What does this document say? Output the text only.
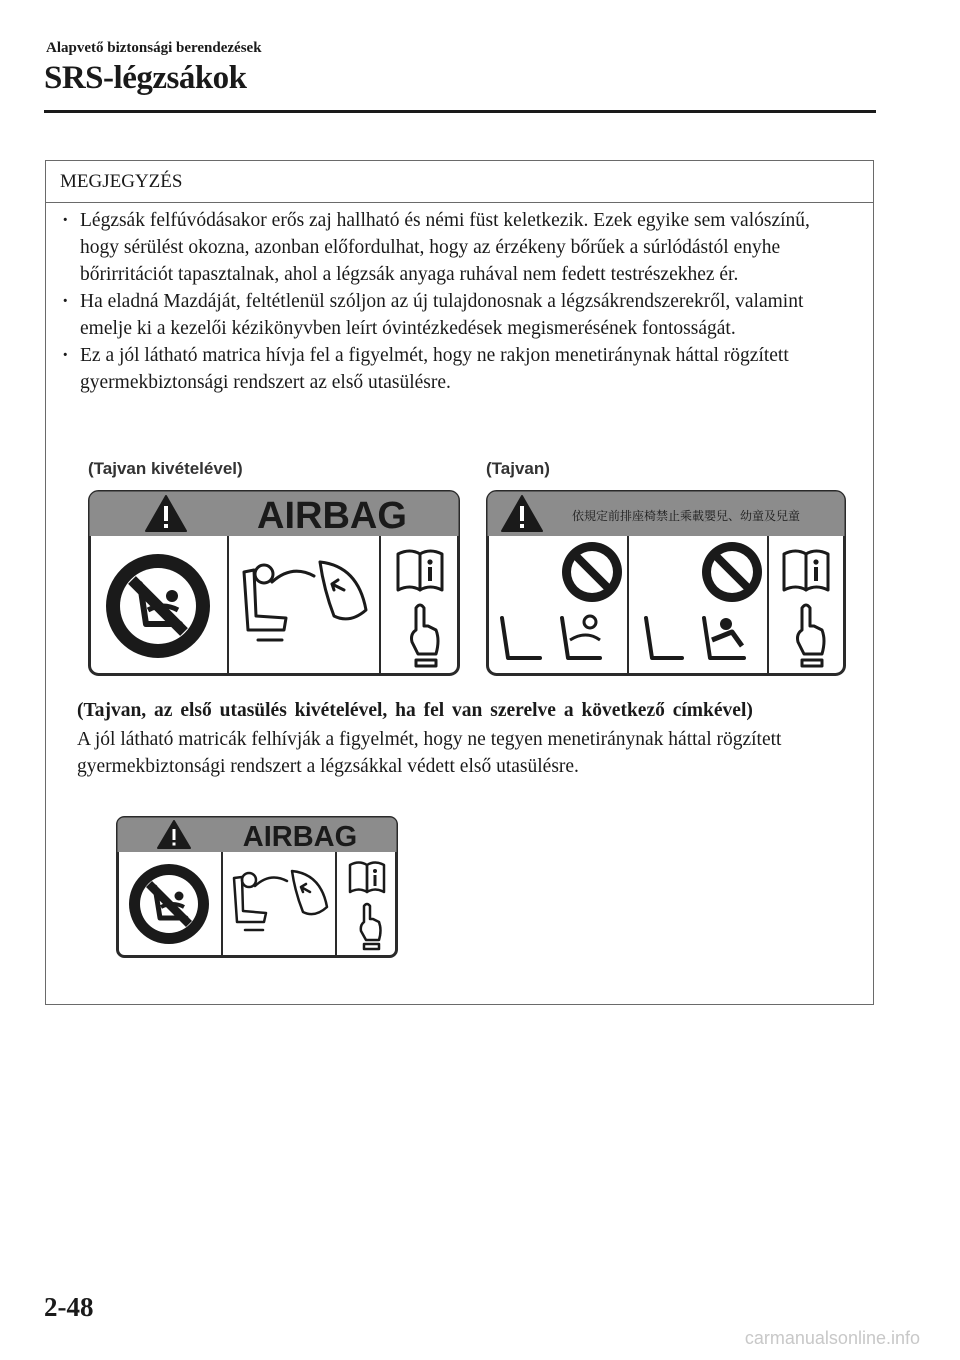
Alapvető biztonsági berendezések
SRS-légzsákok
MEGJEGYZÉS
· Légzsák felfúvódásakor erős zaj hallható és némi füst keletkezik. Ezek egyike sem valószínű, hogy sérülést okozna, azonban előfordulhat, hogy az érzékeny bőrűek a súrlódástól enyhe bőrirritációt tapasztalnak, ahol a légzsák anyaga ruhával nem fedett testrészekhez ér.
· Ha eladná Mazdáját, feltétlenül szóljon az új tulajdonosnak a légzsákrendszerekről, valamint emelje ki a kezelői kézikönyvben leírt óvintézkedések megismerésének fontosságát.
· Ez a jól látható matrica hívja fel a figyelmét, hogy ne rakjon menetiránynak háttal rögzített gyermekbiztonsági rendszert az első utasülésre.
(Tajvan kivételével)	(Tajvan)
AIRBAG	依規定前排座椅禁止乘載嬰兒、幼童及兒童
(Tajvan, az első utasülés kivételével, ha fel van szerelve a következő címkével)
A jól látható matricák felhívják a figyelmét, hogy ne tegyen menetiránynak háttal rögzített gyermekbiztonsági rendszert a légzsákkal védett első utasülésre.
AIRBAG
2-48
carmanualsonline.info
